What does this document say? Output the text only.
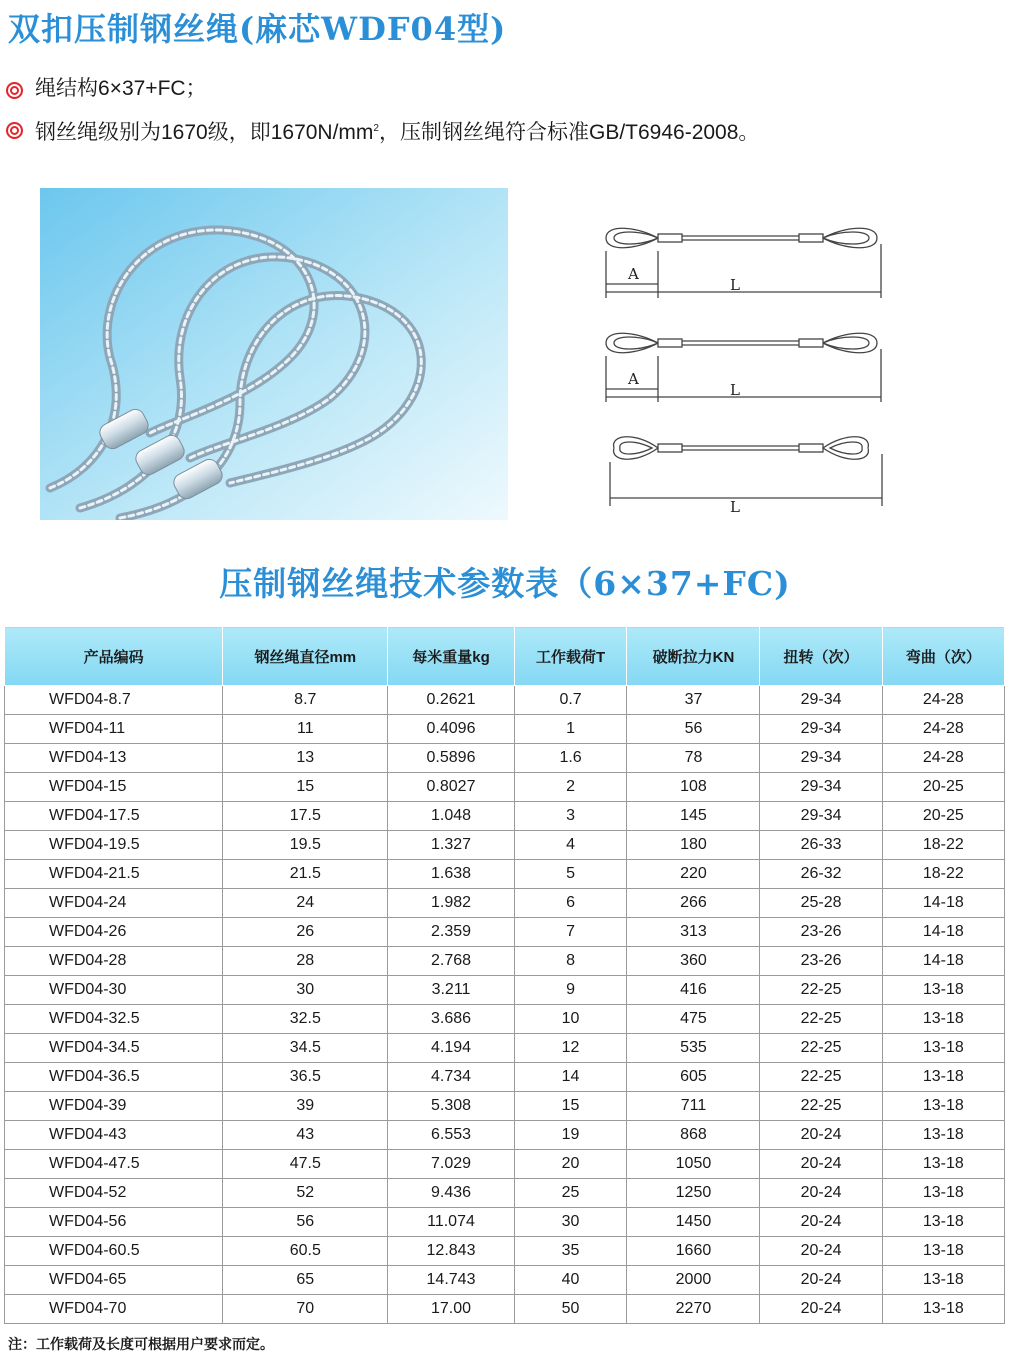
双扣压制钢丝绳(麻芯WDF04型)
绳结构6×37+FC；
钢丝绳级别为1670级，即$1670N/mm^2$，压制钢丝绳符合标准GB/T6946-2008。
A
L
A
L
L
压制钢丝绳技术参数表（6×37+FC)
产品编码	钢丝绳直径mm	每米重量kg	工作载荷T	破断拉力KN	扭转（次）	弯曲（次）
WFD04-8.7	8.7	0.2621	0.7	37	29-34	24-28
WFD04-11	11	0.4096	1	56	29-34	24-28
WFD04-13	13	0.5896	1.6	78	29-34	24-28
WFD04-15	15	0.8027	2	108	29-34	20-25
WFD04-17.5	17.5	1.048	3	145	29-34	20-25
WFD04-19.5	19.5	1.327	4	180	26-33	18-22
WFD04-21.5	21.5	1.638	5	220	26-32	18-22
WFD04-24	24	1.982	6	266	25-28	14-18
WFD04-26	26	2.359	7	313	23-26	14-18
WFD04-28	28	2.768	8	360	23-26	14-18
WFD04-30	30	3.211	9	416	22-25	13-18
WFD04-32.5	32.5	3.686	10	475	22-25	13-18
WFD04-34.5	34.5	4.194	12	535	22-25	13-18
WFD04-36.5	36.5	4.734	14	605	22-25	13-18
WFD04-39	39	5.308	15	711	22-25	13-18
WFD04-43	43	6.553	19	868	20-24	13-18
WFD04-47.5	47.5	7.029	20	1050	20-24	13-18
WFD04-52	52	9.436	25	1250	20-24	13-18
WFD04-56	56	11.074	30	1450	20-24	13-18
WFD04-60.5	60.5	12.843	35	1660	20-24	13-18
WFD04-65	65	14.743	40	2000	20-24	13-18
WFD04-70	70	17.00	50	2270	20-24	13-18

注：工作载荷及长度可根据用户要求而定。
